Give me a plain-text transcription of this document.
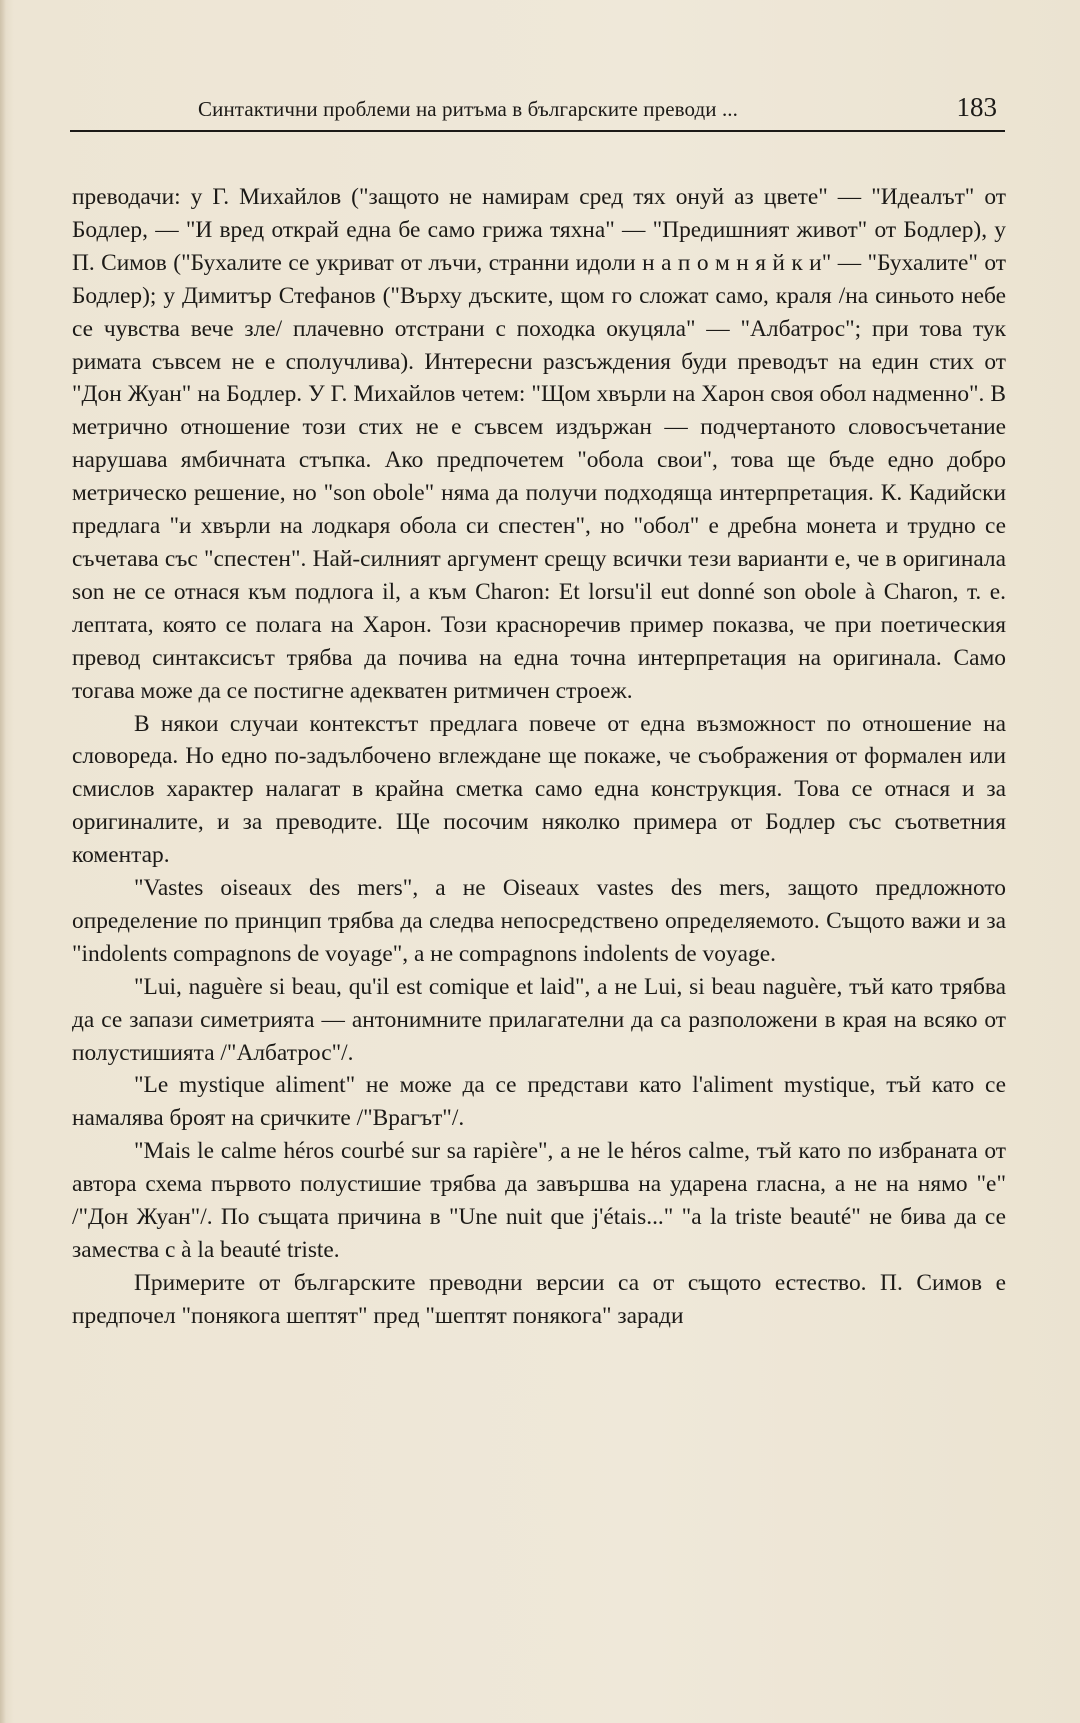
Синтактични проблеми на ритъма в българските преводи ...	183

преводачи: у Г. Михайлов ("защото не намирам сред тях онуй аз цвете" — "Идеалът" от Бодлер, — "И вред открай една бе само грижа тяхна" — "Предишният живот" от Бодлер), у П. Симов ("Бухалите се укриват от лъчи, странни идоли н а п о м н я й к и" — "Бухалите" от Бодлер); у Димитър Стефанов ("Върху дъските, щом го сложат само, краля /на синьото небе се чувства вече зле/ плачевно отстрани с походка окуцяла" — "Албатрос"; при това тук римата съвсем не е сполучлива). Интересни разсъждения буди преводът на един стих от "Дон Жуан" на Бодлер. У Г. Михайлов четем: "Щом хвърли на Харон своя обол надменно". В метрично отношение този стих не е съвсем издържан — подчертаното словосъчетание нарушава ямбичната стъпка. Ако предпочетем "обола свои", това ще бъде едно добро метрическо решение, но "son obole" няма да получи подходяща интерпретация. К. Кадийски предлага "и хвърли на лодкаря обола си спестен", но "обол" е дребна монета и трудно се съчетава със "спестен". Най-силният аргумент срещу всички тези варианти е, че в оригинала son не се отнася към подлога il, а към Charon: Et lorsu'il eut donné son obole à Charon, т. е. лептата, която се полага на Харон. Този красноречив пример показва, че при поетическия превод синтаксисът трябва да почива на една точна интерпретация на оригинала. Само тогава може да се постигне адекватен ритмичен строеж.

В някои случаи контекстът предлага повече от една възможност по отношение на словореда. Но едно по-задълбочено вглеждане ще покаже, че съображения от формален или смислов характер налагат в крайна сметка само една конструкция. Това се отнася и за оригиналите, и за преводите. Ще посочим няколко примера от Бодлер със съответния коментар.

"Vastes oiseaux des mers", а не Oiseaux vastes des mers, защото предложното определение по принцип трябва да следва непосредствено определяемото. Същото важи и за "indolents compagnons de voyage", а не compagnons indolents de voyage.

"Lui, naguère si beau, qu'il est comique et laid", а не Lui, si beau naguère, тъй като трябва да се запази симетрията — антонимните прилагателни да са разположени в края на всяко от полустишията /"Албатрос"/.

"Le mystique aliment" не може да се представи като l'aliment mystique, тъй като се намалява броят на сричките /"Врагът"/.

"Mais le calme héros courbé sur sa rapière", а не le héros calme, тъй като по избраната от автора схема първото полустишие трябва да завършва на ударена гласна, а не на нямо "е" /"Дон Жуан"/. По същата причина в "Une nuit que j'étais..." "a la triste beauté" не бива да се замества с à la beauté triste.

Примерите от българските преводни версии са от същото естество. П. Симов е предпочел "понякога шептят" пред "шептят понякога" заради
